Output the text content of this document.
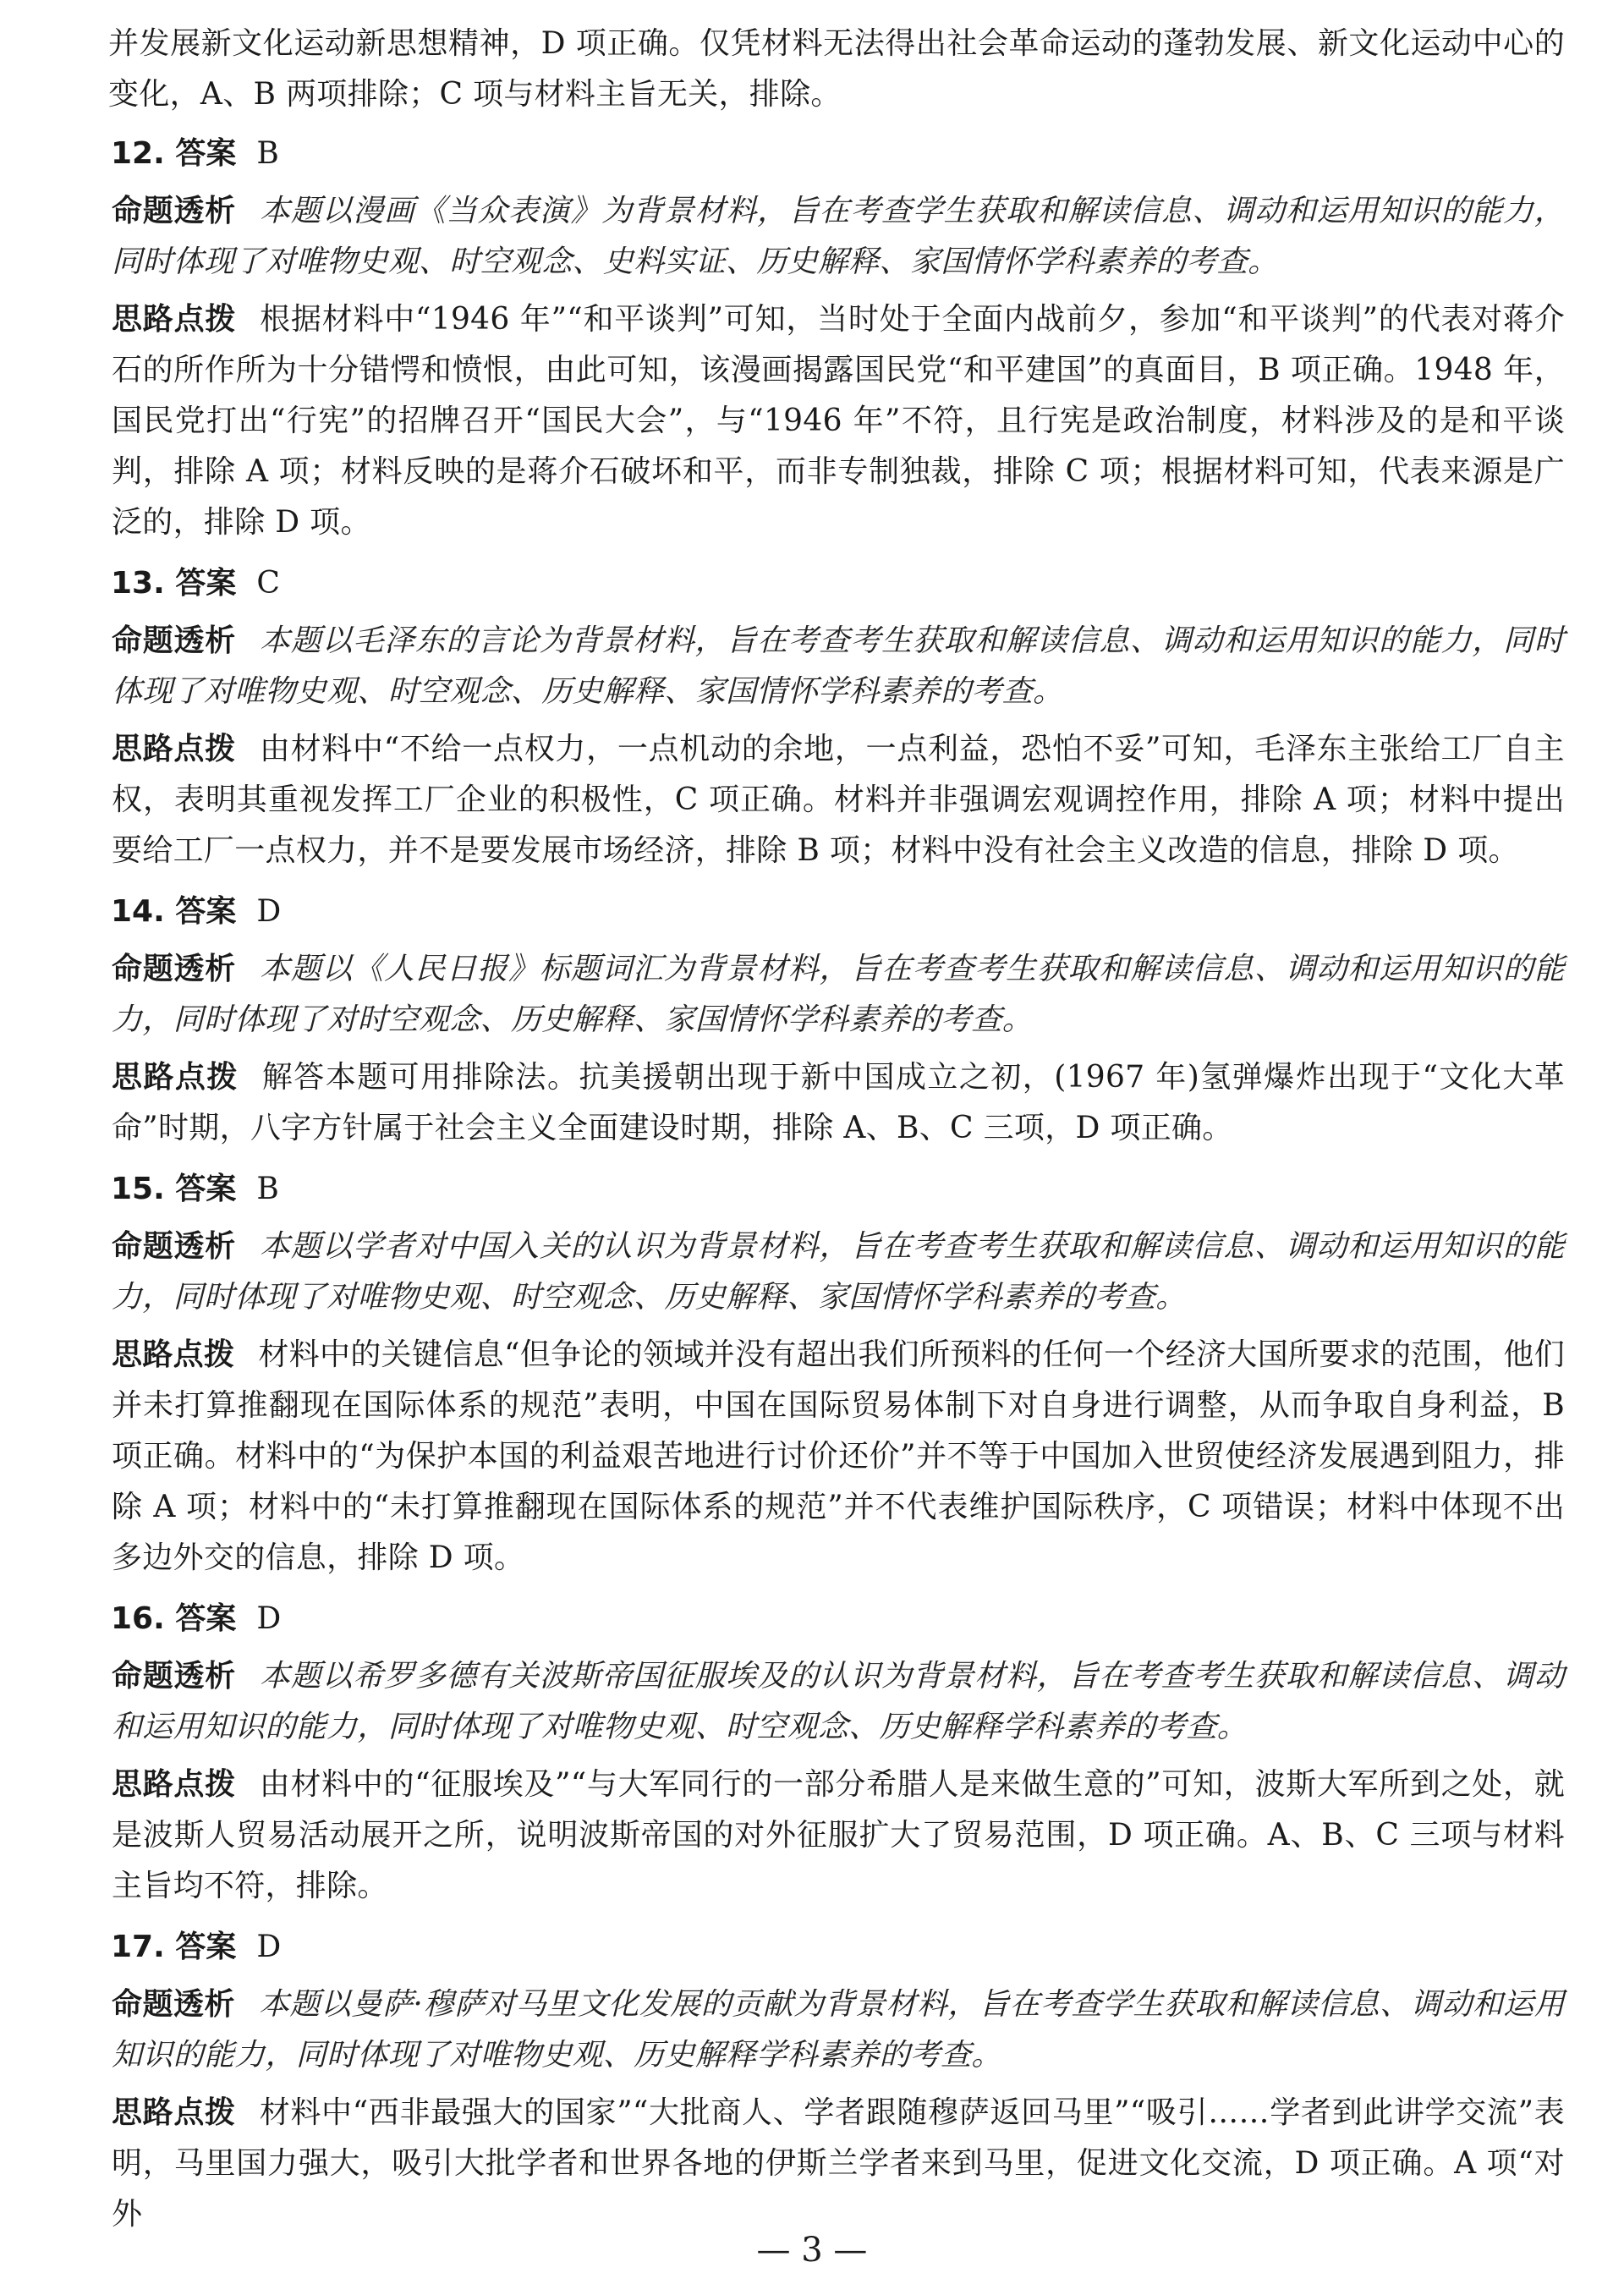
并发展新文化运动新思想精神，D 项正确。仅凭材料无法得出社会革命运动的蓬勃发展、新文化运动中心的变化，A、B 两项排除；C 项与材料主旨无关，排除。

12. 答案 B

命题透析 本题以漫画《当众表演》为背景材料，旨在考查学生获取和解读信息、调动和运用知识的能力，同时体现了对唯物史观、时空观念、史料实证、历史解释、家国情怀学科素养的考查。

思路点拨 根据材料中“1946 年”“和平谈判”可知，当时处于全面内战前夕，参加“和平谈判”的代表对蒋介石的所作所为十分错愕和愤恨，由此可知，该漫画揭露国民党“和平建国”的真面目，B 项正确。1948 年，国民党打出“行宪”的招牌召开“国民大会”，与“1946 年”不符，且行宪是政治制度，材料涉及的是和平谈判，排除 A 项；材料反映的是蒋介石破坏和平，而非专制独裁，排除 C 项；根据材料可知，代表来源是广泛的，排除 D 项。

13. 答案 C

命题透析 本题以毛泽东的言论为背景材料，旨在考查考生获取和解读信息、调动和运用知识的能力，同时体现了对唯物史观、时空观念、历史解释、家国情怀学科素养的考查。

思路点拨 由材料中“不给一点权力，一点机动的余地，一点利益，恐怕不妥”可知，毛泽东主张给工厂自主权，表明其重视发挥工厂企业的积极性，C 项正确。材料并非强调宏观调控作用，排除 A 项；材料中提出要给工厂一点权力，并不是要发展市场经济，排除 B 项；材料中没有社会主义改造的信息，排除 D 项。

14. 答案 D

命题透析 本题以《人民日报》标题词汇为背景材料，旨在考查考生获取和解读信息、调动和运用知识的能力，同时体现了对时空观念、历史解释、家国情怀学科素养的考查。

思路点拨 解答本题可用排除法。抗美援朝出现于新中国成立之初，(1967 年)氢弹爆炸出现于“文化大革命”时期，八字方针属于社会主义全面建设时期，排除 A、B、C 三项，D 项正确。

15. 答案 B

命题透析 本题以学者对中国入关的认识为背景材料，旨在考查考生获取和解读信息、调动和运用知识的能力，同时体现了对唯物史观、时空观念、历史解释、家国情怀学科素养的考查。

思路点拨 材料中的关键信息“但争论的领域并没有超出我们所预料的任何一个经济大国所要求的范围，他们并未打算推翻现在国际体系的规范”表明，中国在国际贸易体制下对自身进行调整，从而争取自身利益，B 项正确。材料中的“为保护本国的利益艰苦地进行讨价还价”并不等于中国加入世贸使经济发展遇到阻力，排除 A 项；材料中的“未打算推翻现在国际体系的规范”并不代表维护国际秩序，C 项错误；材料中体现不出多边外交的信息，排除 D 项。

16. 答案 D

命题透析 本题以希罗多德有关波斯帝国征服埃及的认识为背景材料，旨在考查考生获取和解读信息、调动和运用知识的能力，同时体现了对唯物史观、时空观念、历史解释学科素养的考查。

思路点拨 由材料中的“征服埃及”“与大军同行的一部分希腊人是来做生意的”可知，波斯大军所到之处，就是波斯人贸易活动展开之所，说明波斯帝国的对外征服扩大了贸易范围，D 项正确。A、B、C 三项与材料主旨均不符，排除。

17. 答案 D

命题透析 本题以曼萨·穆萨对马里文化发展的贡献为背景材料，旨在考查学生获取和解读信息、调动和运用知识的能力，同时体现了对唯物史观、历史解释学科素养的考查。

思路点拨 材料中“西非最强大的国家”“大批商人、学者跟随穆萨返回马里”“吸引……学者到此讲学交流”表明，马里国力强大，吸引大批学者和世界各地的伊斯兰学者来到马里，促进文化交流，D 项正确。A 项“对外

— 3 —
